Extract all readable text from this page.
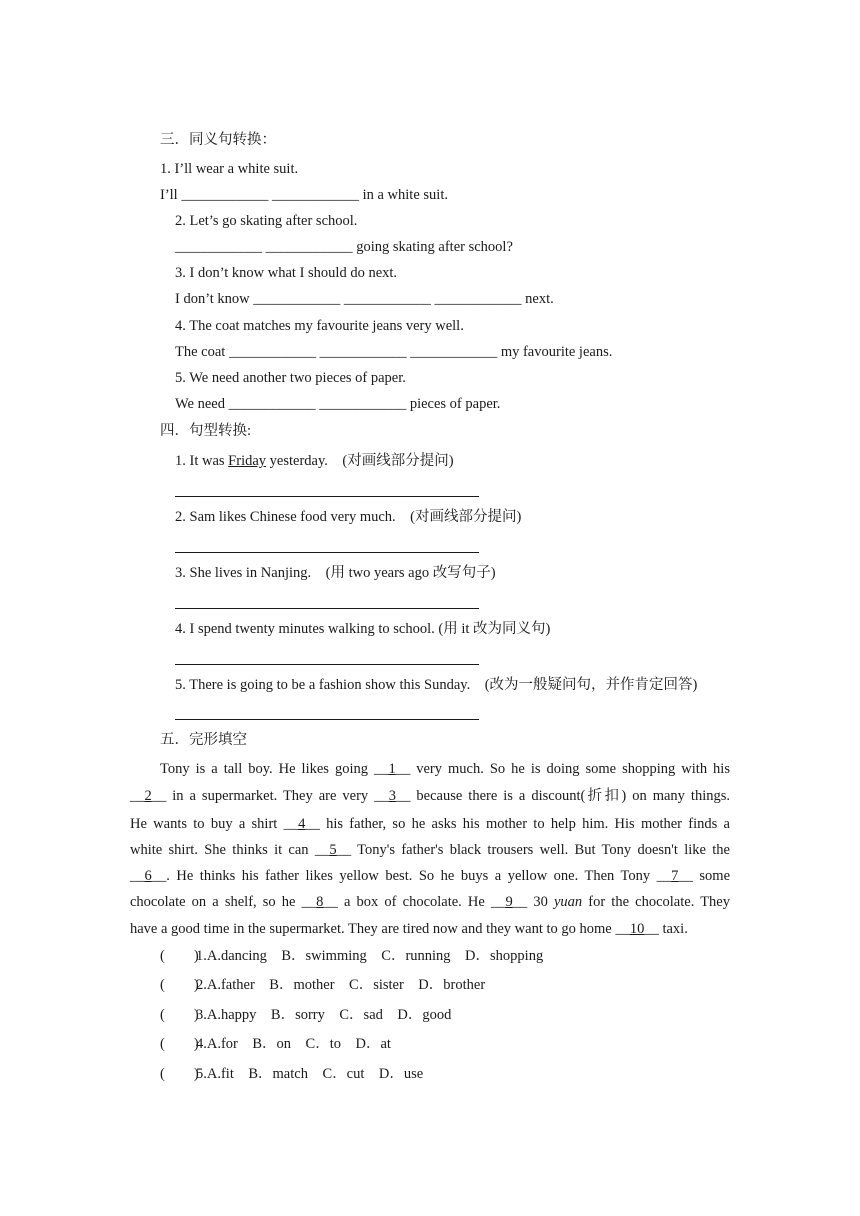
三．同义句转换：
1. I’ll wear a white suit.
I’ll ____________ ____________ in a white suit.
2. Let’s go skating after school.
____________ ____________ going skating after school?
3. I don’t know what I should do next.
I don’t know ____________ ____________ ____________ next.
4. The coat matches my favourite jeans very well.
The coat ____________ ____________ ____________ my favourite jeans.
5. We need another two pieces of paper.
We need ____________ ____________ pieces of paper.
四．句型转换:
1. It was Friday yesterday.　(对画线部分提问)
2. Sam likes Chinese food very much.　(对画线部分提问)
3. She lives in Nanjing.　(用 two years ago 改写句子)
4. I spend twenty minutes walking to school. (用 it 改为同义句)
5. There is going to be a fashion show this Sunday.　(改为一般疑问句，并作肯定回答)
五．完形填空
Tony is a tall boy. He likes going __1__ very much. So he is doing some shopping with his
__2__ in a supermarket. They are very __3__ because there is a discount(折扣) on many things.
He wants to buy a shirt __4__ his father, so he asks his mother to help him. His mother finds a
white shirt. She thinks it can __5__ Tony's father's black trousers well. But Tony doesn't like the
__6__. He thinks his father likes yellow best. So he buys a yellow one. Then Tony __7__ some
chocolate on a shelf, so he __8__ a box of chocolate. He __9__ 30 yuan for the chocolate. They
have a good time in the supermarket. They are tired now and they want to go home __10__ taxi.
(　　)1.A.dancing　B．swimming　C．running　D．shopping
(　　)2.A.father　B．mother　C．sister　D．brother
(　　)3.A.happy　B．sorry　C．sad　D．good
(　　)4.A.for　B．on　C．to　D．at
(　　)5.A.fit　B．match　C．cut　D．use
